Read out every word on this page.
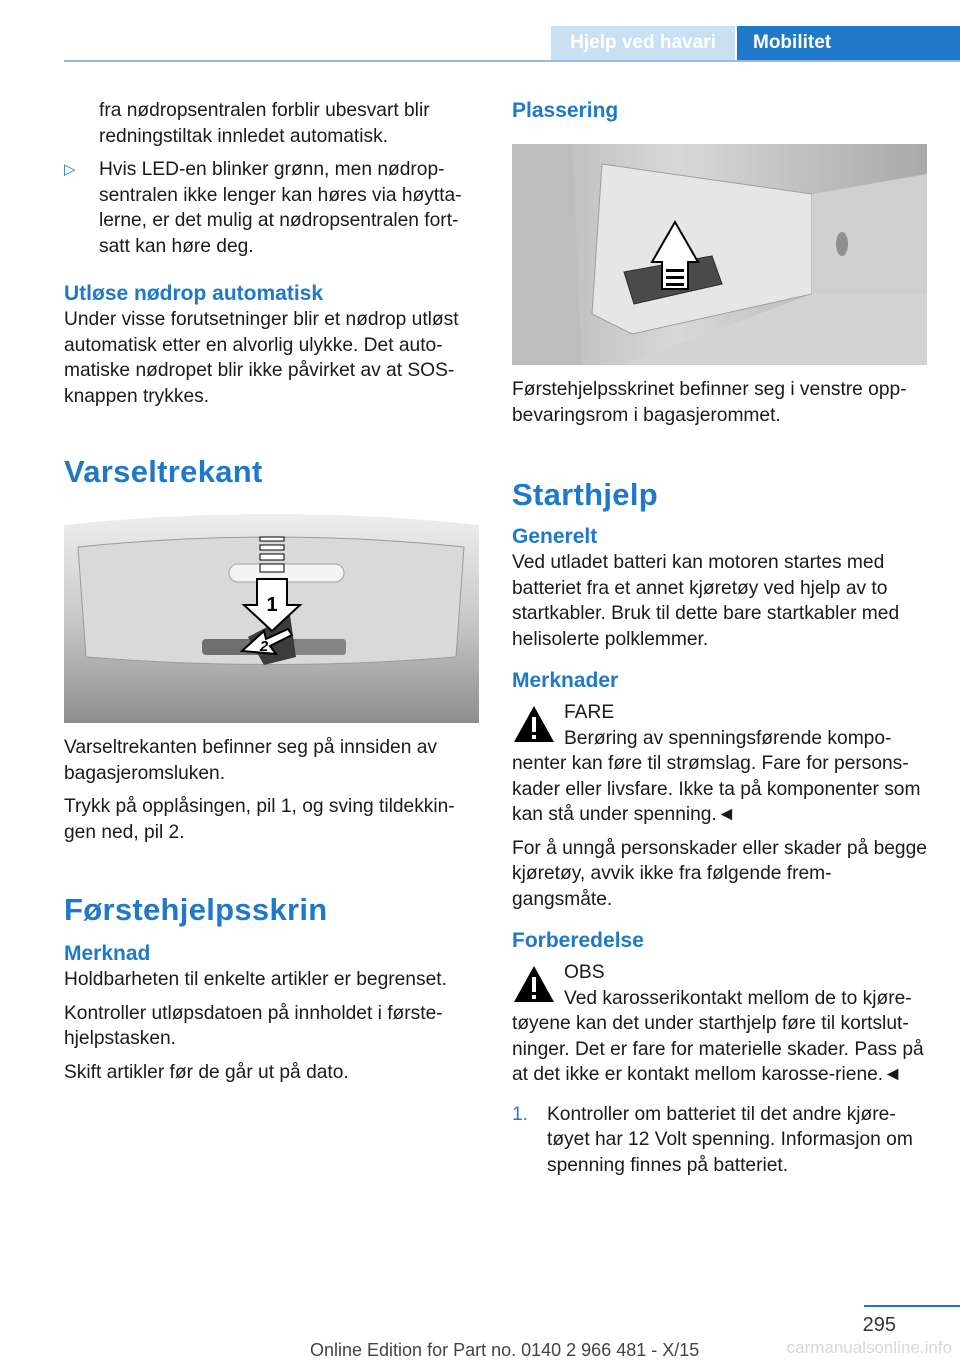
Hjelp ved havari	Mobilitet

fra nødropsentralen forblir ubesvart blir redningstiltak innledet automatisk.

▷ Hvis LED-en blinker grønn, men nødrop-sentralen ikke lenger kan høres via høytta-lerne, er det mulig at nødropsentralen fort-satt kan høre deg.
Utløse nødrop automatisk

Under visse forutsetninger blir et nødrop utløst automatisk etter en alvorlig ulykke. Det auto-matiske nødropet blir ikke påvirket av at SOS-knappen trykkes.

Varseltrekant
1
2

Varseltrekanten befinner seg på innsiden av bagasjeromsluken.

Trykk på opplåsingen, pil 1, og sving tildekkin-gen ned, pil 2.

Førstehjelpsskrin
Merknad

Holdbarheten til enkelte artikler er begrenset.

Kontroller utløpsdatoen på innholdet i første-hjelpstasken.

Skift artikler før de går ut på dato.

Plassering

Førstehjelpsskrinet befinner seg i venstre opp-bevaringsrom i bagasjerommet.

Starthjelp
Generelt

Ved utladet batteri kan motoren startes med batteriet fra et annet kjøretøy ved hjelp av to startkabler. Bruk til dette bare startkabler med helisolerte polklemmer.

Merknader

FARE

Berøring av spenningsførende kompo-nenter kan føre til strømslag. Fare for persons-kader eller livsfare. Ikke ta på komponenter som kan stå under spenning.◄

For å unngå personskader eller skader på begge kjøretøy, avvik ikke fra følgende frem-gangsmåte.

Forberedelse

OBS

Ved karosserikontakt mellom de to kjøre-tøyene kan det under starthjelp føre til kortslut-ninger. Det er fare for materielle skader. Pass på at det ikke er kontakt mellom karosse-riene.◄

1. Kontroller om batteriet til det andre kjøre-tøyet har 12 Volt spenning. Informasjon om spenning finnes på batteriet.
295
Online Edition for Part no. 0140 2 966 481 - X/15	carmanualsonline.info
